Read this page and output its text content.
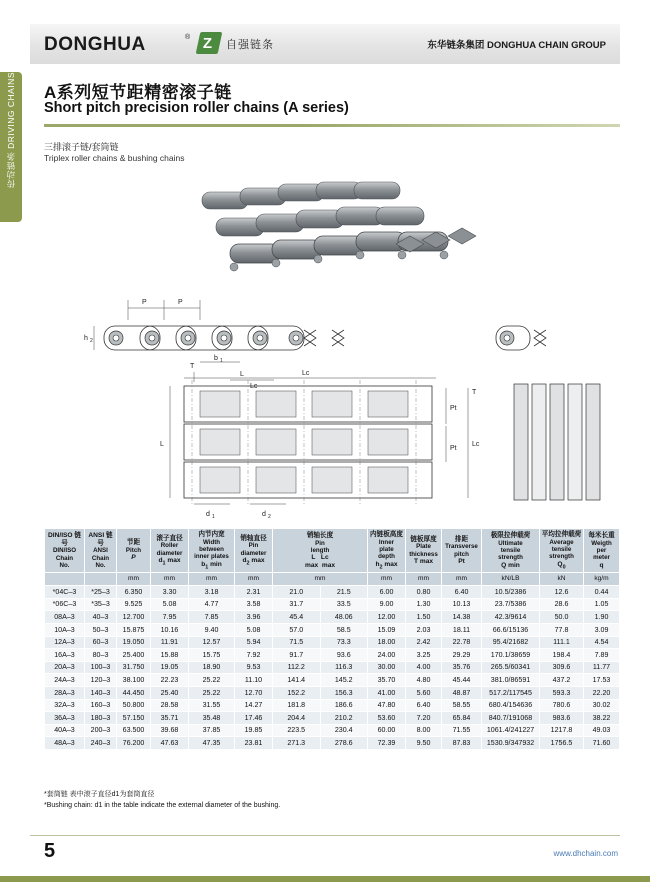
传动链条 DRIVING CHAINS
DONGHUA	® Z 自强链条	东华链条集团 DONGHUA CHAIN GROUP
A系列短节距精密滚子链
Short pitch precision roller chains (A series)
三排滚子链/套筒链
Triplex roller chains & bushing chains
P	P
h 2
T
L
Lc
Lc
L
Pt
Pt
Lc
T
b 1
d 1	d 2
DIN/ISO 链号
DIN/ISO
Chain
No.

ANSI 链号
ANSI
Chain
No.

节距
Pitch
P

滚子直径
Roller
diameter
$d_1$ max

内节内宽
Width
between
inner plates
$b_1$ min

销轴直径
Pin
diameter
$d_2$ max

销轴长度
Pin
length
L   Lc
max  max

内链板高度
Inner
plate
depth
$h_2$ max

链板厚度
Plate
thickness
T max

排距
Transverse
pitch
Pt

极限拉伸载荷
Ultimate
tensile
strength
Q min

平均拉伸载荷
Average
tensile
strength
$Q_0$

每米长重
Weigth
per
meter
q

		mm	mm	mm	mm	mm		mm	mm	mm	kN/LB	kN	kg/m
*04C–3	*25–3	6.350	3.30	3.18	2.31	21.0	21.5	6.00	0.80	6.40	10.5/2386	12.6	0.44
*06C–3	*35–3	9.525	5.08	4.77	3.58	31.7	33.5	9.00	1.30	10.13	23.7/5386	28.6	1.05
08A–3	40–3	12.700	7.95	7.85	3.96	45.4	48.06	12.00	1.50	14.38	42.3/9614	50.0	1.90
10A–3	50–3	15.875	10.16	9.40	5.08	57.0	58.5	15.09	2.03	18.11	66.6/15136	77.8	3.09
12A–3	60–3	19.050	11.91	12.57	5.94	71.5	73.3	18.00	2.42	22.78	95.4/21682	111.1	4.54
16A–3	80–3	25.400	15.88	15.75	7.92	91.7	93.6	24.00	3.25	29.29	170.1/38659	198.4	7.89
20A–3	100–3	31.750	19.05	18.90	9.53	112.2	116.3	30.00	4.00	35.76	265.5/60341	309.6	11.77
24A–3	120–3	38.100	22.23	25.22	11.10	141.4	145.2	35.70	4.80	45.44	381.0/86591	437.2	17.53
28A–3	140–3	44.450	25.40	25.22	12.70	152.2	156.3	41.00	5.60	48.87	517.2/117545	593.3	22.20
32A–3	160–3	50.800	28.58	31.55	14.27	181.8	186.6	47.80	6.40	58.55	680.4/154636	780.6	30.02
36A–3	180–3	57.150	35.71	35.48	17.46	204.4	210.2	53.60	7.20	65.84	840.7/191068	983.6	38.22
40A–3	200–3	63.500	39.68	37.85	19.85	223.5	230.4	60.00	8.00	71.55	1061.4/241227	1217.8	49.03
48A–3	240–3	76.200	47.63	47.35	23.81	271.3	278.6	72.39	9.50	87.83	1530.9/347932	1756.5	71.60
*套筒链 表中滚子直径d1为套筒直径
*Bushing chain: d1 in the table indicate the external diameter of the bushing.
5	www.dhchain.com
